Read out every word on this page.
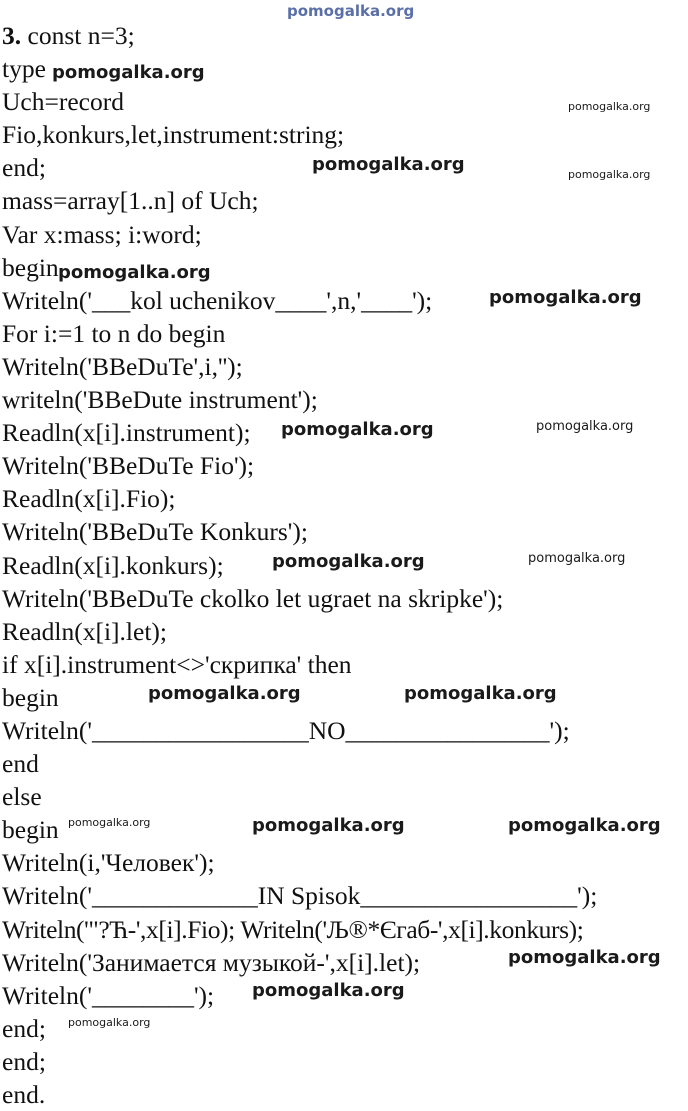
3. const n=3;
type
Uch=record
Fio,konkurs,let,instrument:string;
end;
mass=array[1..n] of Uch;
Var x:mass; i:word;
begin
Writeln('___kol uchenikov____',n,'____');
For i:=1 to n do begin
Writeln('BBeDuTe',i,'');
writeln('BBeDute instrument');
Readln(x[i].instrument);
Writeln('BBeDuTe Fio');
Readln(x[i].Fio);
Writeln('BBeDuTe Konkurs');
Readln(x[i].konkurs);
Writeln('BBeDuTe ckolko let ugraet na skripke');
Readln(x[i].let);
if x[i].instrument<>'скрипка' then
begin
Writeln('_________________NO________________');
end
else
begin
Writeln(i,'Человек');
Writeln('_____________IN Spisok_________________');
Writeln('"?Ћ-',x[i].Fio); Writeln('Љ®*Єгаб-',x[i].konkurs);
Writeln('Занимается музыкой-',x[i].let);
Writeln('________');
end;
end;
end.
pomogalka.org
pomogalka.org
pomogalka.org
pomogalka.org	pomogalka.org
pomogalka.org
pomogalka.org
pomogalka.org	pomogalka.org
pomogalka.org	pomogalka.org
pomogalka.org	pomogalka.org
pomogalka.org	pomogalka.org	pomogalka.org
pomogalka.org
pomogalka.org
pomogalka.org
